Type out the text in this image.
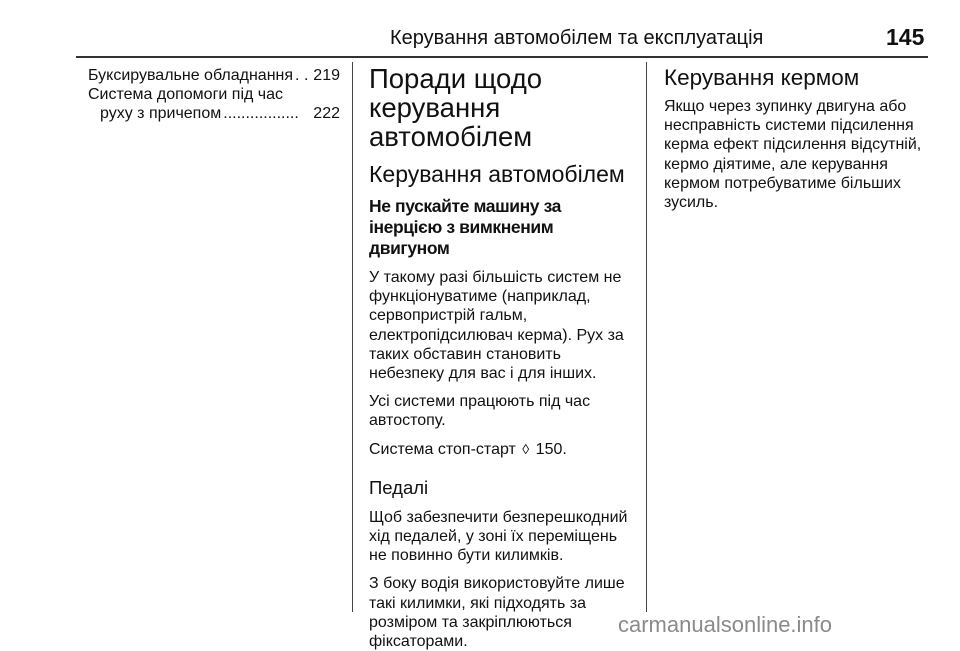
Керування автомобілем та експлуатація	145
Буксирувальне обладнання . . 219
Система допомоги під час
руху з причепом ................. 222
Поради щодо керування автомобілем
Керування автомобілем
Не пускайте машину за інерцією з вимкненим двигуном

У такому разі більшість систем не функціонуватиме (наприклад, сервопристрій гальм, електропідсилювач керма). Рух за таких обставин становить небезпеку для вас і для інших.

Усі системи працюють під час автостопу.

Система стоп-старт ◊ 150.

Педалі

Щоб забезпечити безперешкодний хід педалей, у зоні їх переміщень не повинно бути килимків.

З боку водія використовуйте лише такі килимки, які підходять за розміром та закріплюються фіксаторами.

Керування кермом

Якщо через зупинку двигуна або несправність системи підсилення керма ефект підсилення відсутній, кермо діятиме, але керування кермом потребуватиме більших зусиль.

carmanualsonline.info
